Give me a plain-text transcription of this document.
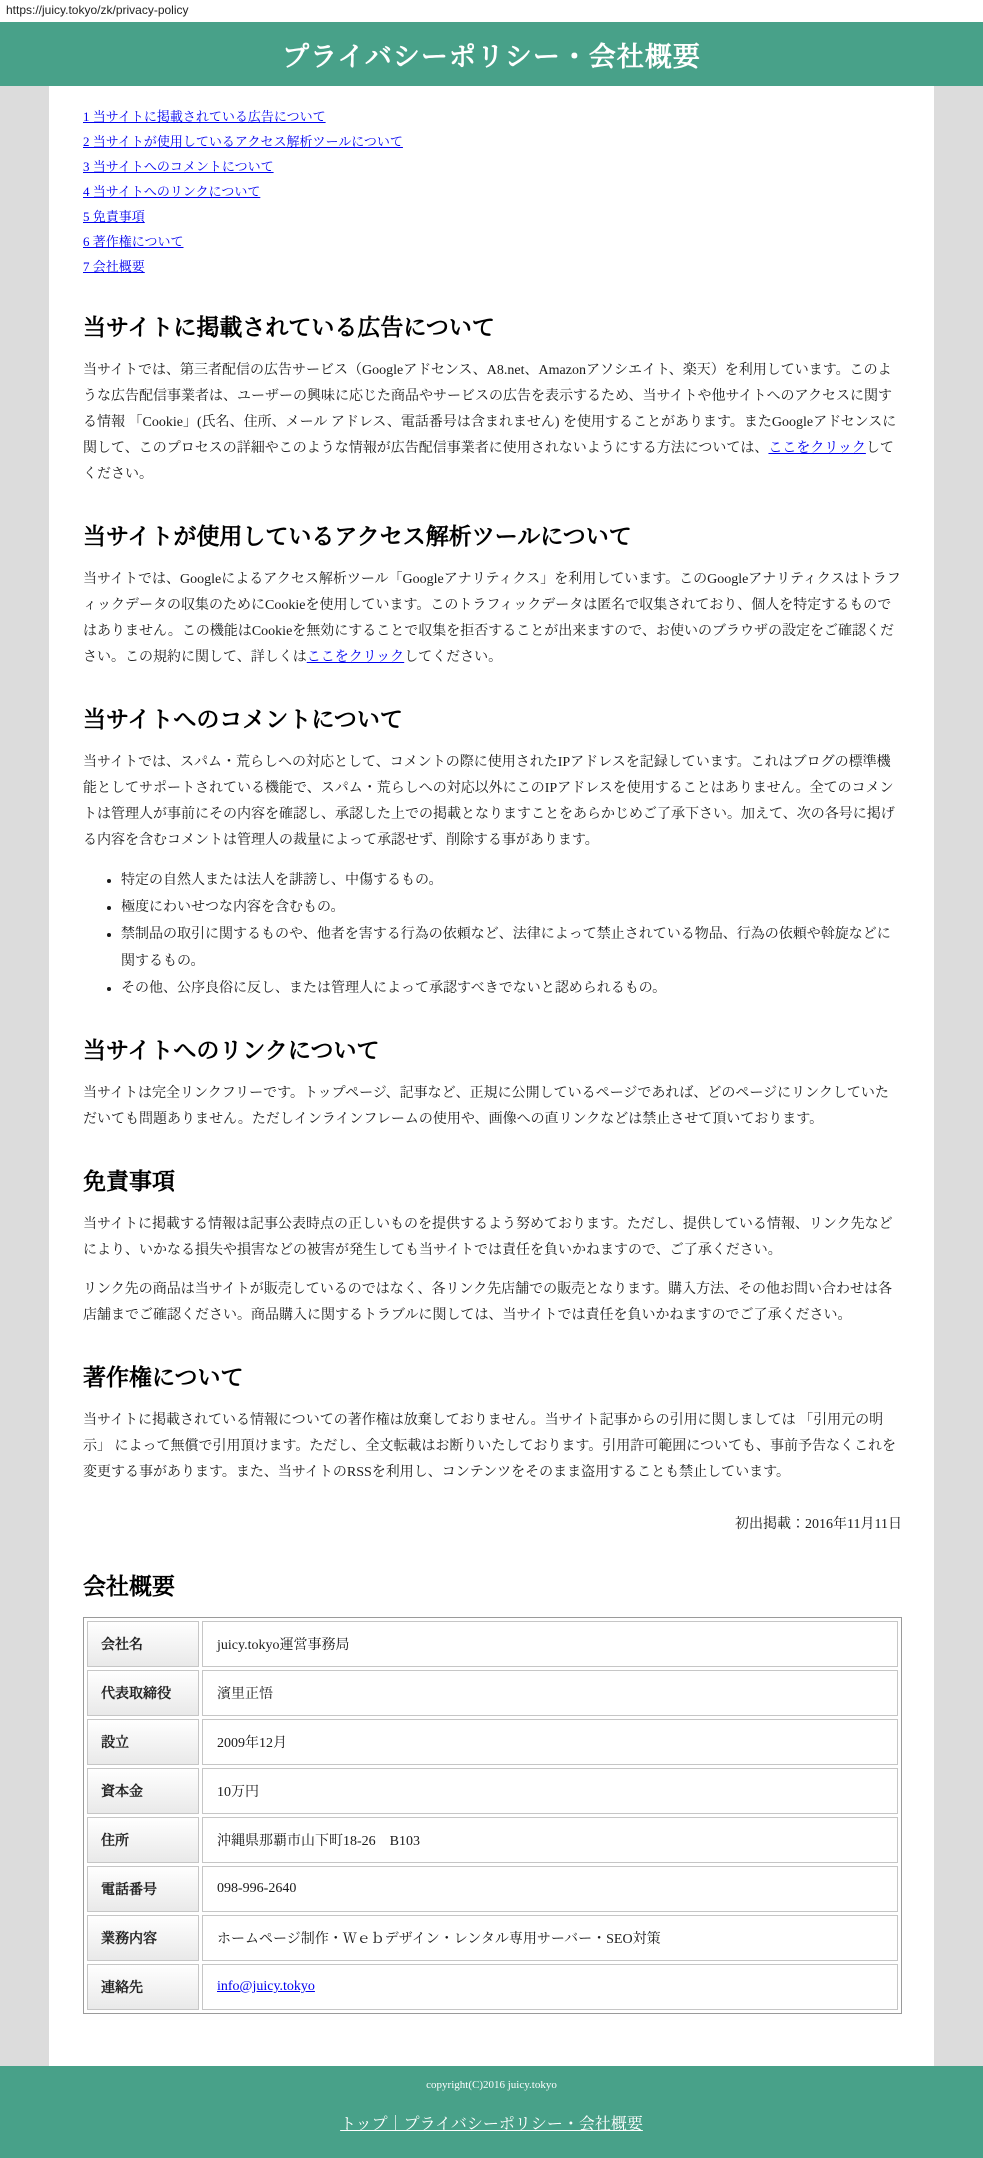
https://juicy.tokyo/zk/privacy-policy
プライバシーポリシー・会社概要
1 当サイトに掲載されている広告について
2 当サイトが使用しているアクセス解析ツールについて
3 当サイトへのコメントについて
4 当サイトへのリンクについて
5 免責事項
6 著作権について
7 会社概要
当サイトに掲載されている広告について

当サイトでは、第三者配信の広告サービス（Googleアドセンス、A8.net、Amazonアソシエイト、楽天）を利用しています。このような広告配信事業者は、ユーザーの興味に応じた商品やサービスの広告を表示するため、当サイトや他サイトへのアクセスに関する情報 「Cookie」(氏名、住所、メール アドレス、電話番号は含まれません) を使用することがあります。またGoogleアドセンスに関して、このプロセスの詳細やこのような情報が広告配信事業者に使用されないようにする方法については、ここをクリックしてください。

当サイトが使用しているアクセス解析ツールについて

当サイトでは、Googleによるアクセス解析ツール「Googleアナリティクス」を利用しています。このGoogleアナリティクスはトラフィックデータの収集のためにCookieを使用しています。このトラフィックデータは匿名で収集されており、個人を特定するものではありません。この機能はCookieを無効にすることで収集を拒否することが出来ますので、お使いのブラウザの設定をご確認ください。この規約に関して、詳しくはここをクリックしてください。

当サイトへのコメントについて

当サイトでは、スパム・荒らしへの対応として、コメントの際に使用されたIPアドレスを記録しています。これはブログの標準機能としてサポートされている機能で、スパム・荒らしへの対応以外にこのIPアドレスを使用することはありません。全てのコメントは管理人が事前にその内容を確認し、承認した上での掲載となりますことをあらかじめご了承下さい。加えて、次の各号に掲げる内容を含むコメントは管理人の裁量によって承認せず、削除する事があります。

• 特定の自然人または法人を誹謗し、中傷するもの。
• 極度にわいせつな内容を含むもの。
• 禁制品の取引に関するものや、他者を害する行為の依頼など、法律によって禁止されている物品、行為の依頼や斡旋などに関するもの。
• その他、公序良俗に反し、または管理人によって承認すべきでないと認められるもの。
当サイトへのリンクについて

当サイトは完全リンクフリーです。トップページ、記事など、正規に公開しているページであれば、どのページにリンクしていただいても問題ありません。ただしインラインフレームの使用や、画像への直リンクなどは禁止させて頂いております。

免責事項

当サイトに掲載する情報は記事公表時点の正しいものを提供するよう努めております。ただし、提供している情報、リンク先などにより、いかなる損失や損害などの被害が発生しても当サイトでは責任を負いかねますので、ご了承ください。

リンク先の商品は当サイトが販売しているのではなく、各リンク先店舗での販売となります。購入方法、その他お問い合わせは各店舗までご確認ください。商品購入に関するトラブルに関しては、当サイトでは責任を負いかねますのでご了承ください。

著作権について

当サイトに掲載されている情報についての著作権は放棄しておりません。当サイト記事からの引用に関しましては 「引用元の明示」 によって無償で引用頂けます。ただし、全文転載はお断りいたしております。引用許可範囲についても、事前予告なくこれを変更する事があります。また、当サイトのRSSを利用し、コンテンツをそのまま盗用することも禁止しています。

初出掲載：2016年11月11日

会社概要
会社名	juicy.tokyo運営事務局
代表取締役	濱里正悟
設立	2009年12月
資本金	10万円
住所	沖縄県那覇市山下町18-26　B103
電話番号	098-996-2640
業務内容	ホームページ制作・Ｗｅｂデザイン・レンタル専用サーバー・SEO対策
連絡先	info@juicy.tokyo
copyright(C)2016 juicy.tokyo
トップ｜プライバシーポリシー・会社概要
